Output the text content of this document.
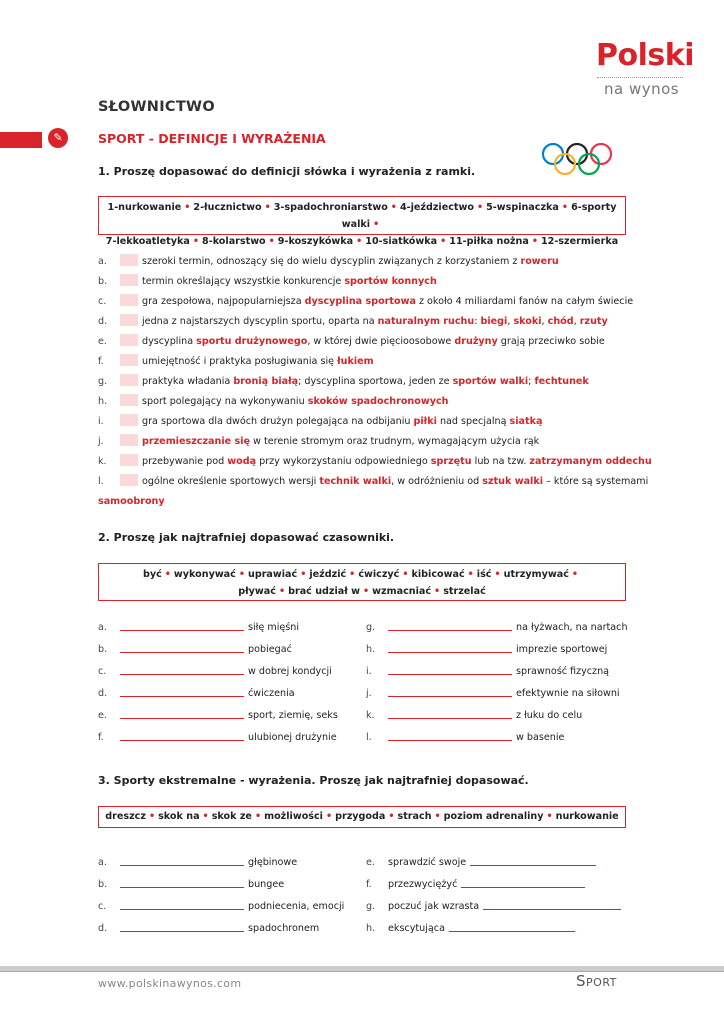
Polski
na wynos
SŁOWNICTWO
✎	SPORT - DEFINICJE I WYRAŻENIA
1. Proszę dopasować do definicji słówka i wyrażenia z ramki.
1-nurkowanie • 2-łucznictwo • 3-spadochroniarstwo • 4-jeździectwo • 5-wspinaczka • 6-sporty walki •
7-lekkoatletyka • 8-kolarstwo • 9-koszykówka • 10-siatkówka • 11-piłka nożna • 12-szermierka
a.	szeroki termin, odnoszący się do wielu dyscyplin związanych z korzystaniem z roweru
b.	termin określający wszystkie konkurencje sportów konnych
c.	gra zespołowa, najpopularniejsza dyscyplina sportowa z około 4 miliardami fanów na całym świecie
d.	jedna z najstarszych dyscyplin sportu, oparta na naturalnym ruchu: biegi, skoki, chód, rzuty
e.	dyscyplina sportu drużynowego, w której dwie pięcioosobowe drużyny grają przeciwko sobie
f.	umiejętność i praktyka posługiwania się łukiem
g.	praktyka władania bronią białą; dyscyplina sportowa, jeden ze sportów walki; fechtunek
h.	sport polegający na wykonywaniu skoków spadochronowych
i.	gra sportowa dla dwóch drużyn polegająca na odbijaniu piłki nad specjalną siatką
j.	przemieszczanie się w terenie stromym oraz trudnym, wymagającym użycia rąk
k.	przebywanie pod wodą przy wykorzystaniu odpowiedniego sprzętu lub na tzw. zatrzymanym oddechu
l.	ogólne określenie sportowych wersji technik walki, w odróżnieniu od sztuk walki – które są systemami
samoobrony
2. Proszę jak najtrafniej dopasować czasowniki.
być • wykonywać • uprawiać • jeździć • ćwiczyć • kibicować • iść • utrzymywać •
pływać • brać udział w • wzmacniać • strzelać
a.	siłę mięśni
b.	pobiegać
c.	w dobrej kondycji
d.	ćwiczenia
e.	sport, ziemię, seks
f.	ulubionej drużynie
g.	na łyżwach, na nartach
h.	imprezie sportowej
i.	sprawność fizyczną
j.	efektywnie na siłowni
k.	z łuku do celu
l.	w basenie
3. Sporty ekstremalne - wyrażenia. Proszę jak najtrafniej dopasować.
dreszcz • skok na • skok ze • możliwości • przygoda • strach • poziom adrenaliny • nurkowanie
a.	głębinowe
b.	bungee
c.	podniecenia, emocji
d.	spadochronem
e. sprawdzić swoje
f. przezwyciężyć
g. poczuć jak wzrasta
h. ekscytująca
www.polskinawynos.com	Sport
